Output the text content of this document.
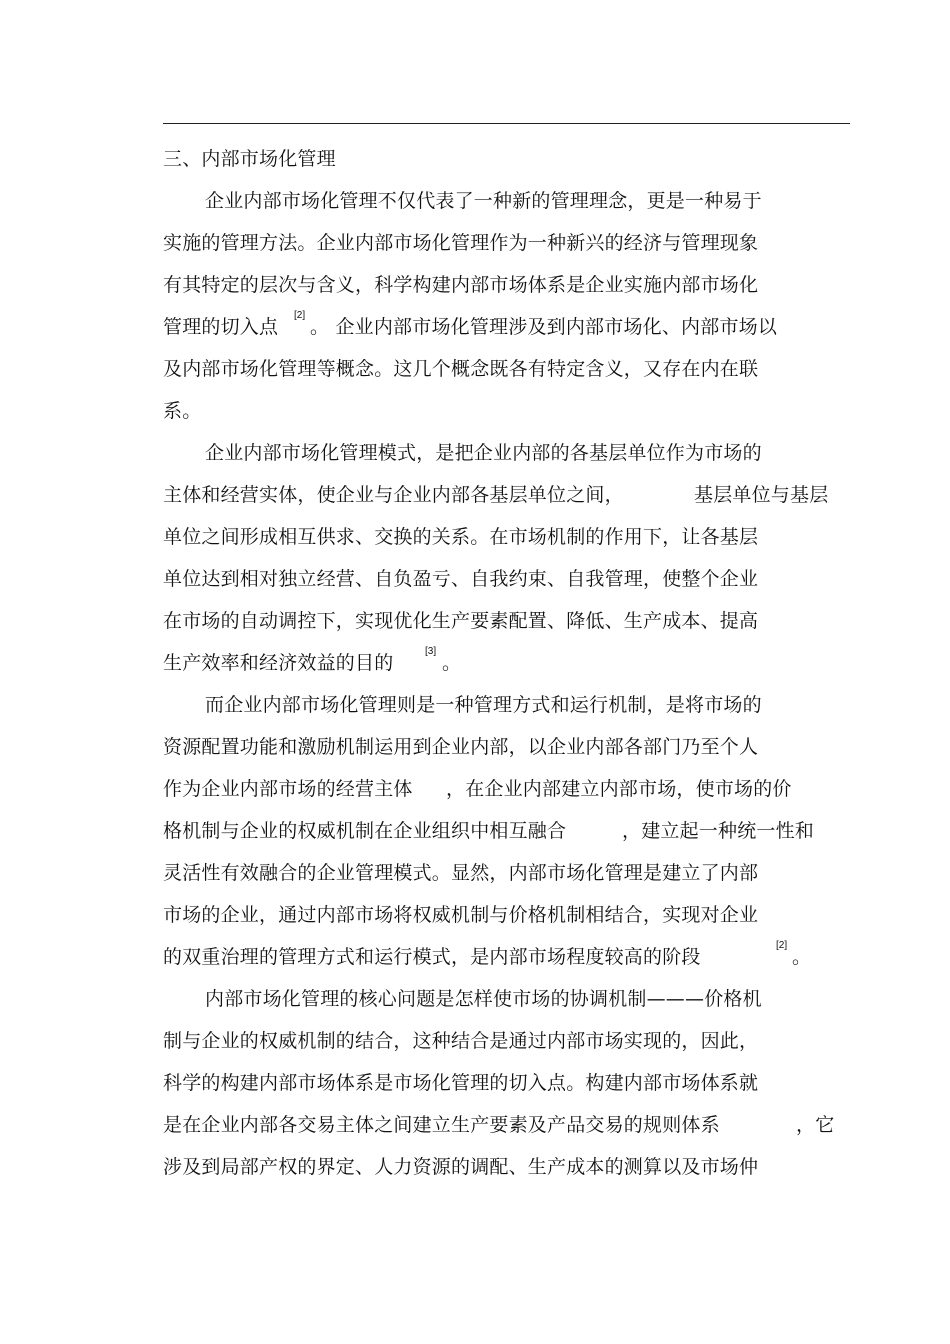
三、内部市场化管理
企业内部市场化管理不仅代表了一种新的管理理念，更是一种易于
实施的管理方法。企业内部市场化管理作为一种新兴的经济与管理现象
有其特定的层次与含义，科学构建内部市场体系是企业实施内部市场化
管理的切入点
[2]
。 企业内部市场化管理涉及到内部市场化、内部市场以
及内部市场化管理等概念。这几个概念既各有特定含义，又存在内在联
系。
企业内部市场化管理模式，是把企业内部的各基层单位作为市场的
主体和经营实体，使企业与企业内部各基层单位之间，	基层单位与基层
单位之间形成相互供求、交换的关系。在市场机制的作用下，让各基层
单位达到相对独立经营、自负盈亏、自我约束、自我管理，使整个企业
在市场的自动调控下，实现优化生产要素配置、降低、生产成本、提高
生产效率和经济效益的目的
[3]
。
而企业内部市场化管理则是一种管理方式和运行机制，是将市场的
资源配置功能和激励机制运用到企业内部，以企业内部各部门乃至个人
作为企业内部市场的经营主体 ，在企业内部建立内部市场，使市场的价
格机制与企业的权威机制在企业组织中相互融合	，建立起一种统一性和
灵活性有效融合的企业管理模式。显然，内部市场化管理是建立了内部
市场的企业，通过内部市场将权威机制与价格机制相结合，实现对企业
的双重治理的管理方式和运行模式，是内部市场程度较高的阶段
[2]
。
内部市场化管理的核心问题是怎样使市场的协调机制———价格机
制与企业的权威机制的结合，这种结合是通过内部市场实现的，因此，
科学的构建内部市场体系是市场化管理的切入点。构建内部市场体系就
是在企业内部各交易主体之间建立生产要素及产品交易的规则体系	，它
涉及到局部产权的界定、人力资源的调配、生产成本的测算以及市场仲
